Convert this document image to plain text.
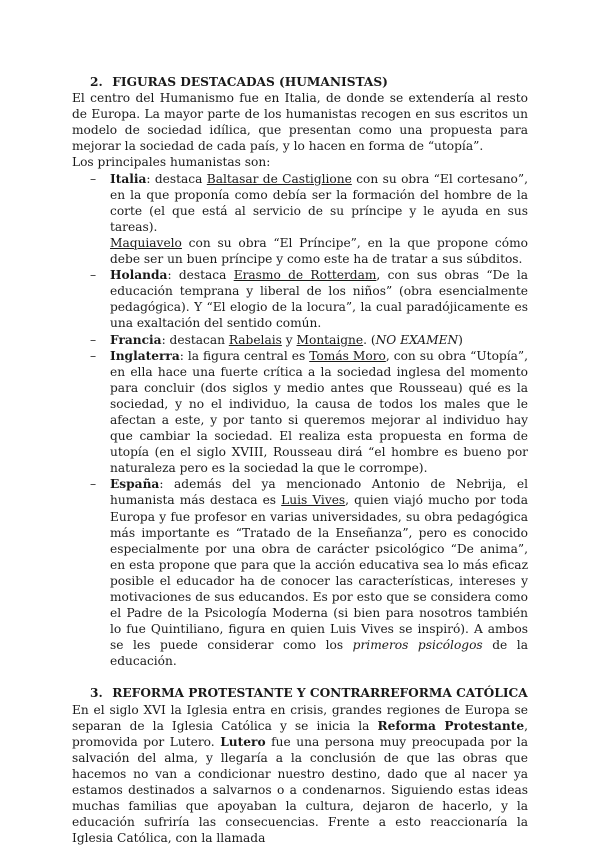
2. FIGURAS DESTACADAS (HUMANISTAS)

El centro del Humanismo fue en Italia, de donde se extendería al resto de Europa. La mayor parte de los humanistas recogen en sus escritos un modelo de sociedad idílica, que presentan como una propuesta para mejorar la sociedad de cada país, y lo hacen en forma de “utopía”.

Los principales humanistas son:

– Italia: destaca Baltasar de Castiglione con su obra “El cortesano”, en la que proponía como debía ser la formación del hombre de la corte (el que está al servicio de su príncipe y le ayuda en sus tareas).

Maquiavelo con su obra “El Príncipe”, en la que propone cómo debe ser un buen príncipe y como este ha de tratar a sus súbditos.

– Holanda: destaca Erasmo de Rotterdam, con sus obras “De la educación temprana y liberal de los niños” (obra esencialmente pedagógica). Y “El elogio de la locura”, la cual paradójicamente es una exaltación del sentido común.
– Francia: destacan Rabelais y Montaigne. (NO EXAMEN)
– Inglaterra: la figura central es Tomás Moro, con su obra “Utopía”, en ella hace una fuerte crítica a la sociedad inglesa del momento para concluir (dos siglos y medio antes que Rousseau) qué es la sociedad, y no el individuo, la causa de todos los males que le afectan a este, y por tanto si queremos mejorar al individuo hay que cambiar la sociedad. El realiza esta propuesta en forma de utopía (en el siglo XVIII, Rousseau dirá “el hombre es bueno por naturaleza pero es la sociedad la que le corrompe).
– España: además del ya mencionado Antonio de Nebrija, el humanista más destaca es Luis Vives, quien viajó mucho por toda Europa y fue profesor en varias universidades, su obra pedagógica más importante es “Tratado de la Enseñanza”, pero es conocido especialmente por una obra de carácter psicológico “De anima”, en esta propone que para que la acción educativa sea lo más eficaz posible el educador ha de conocer las características, intereses y motivaciones de sus educandos. Es por esto que se considera como el Padre de la Psicología Moderna (si bien para nosotros también lo fue Quintiliano, figura en quien Luis Vives se inspiró). A ambos se les puede considerar como los primeros psicólogos de la educación.

3. REFORMA PROTESTANTE Y CONTRARREFORMA CATÓLICA

En el siglo XVI la Iglesia entra en crisis, grandes regiones de Europa se separan de la Iglesia Católica y se inicia la Reforma Protestante, promovida por Lutero. Lutero fue una persona muy preocupada por la salvación del alma, y llegaría a la conclusión de que las obras que hacemos no van a condicionar nuestro destino, dado que al nacer ya estamos destinados a salvarnos o a condenarnos. Siguiendo estas ideas muchas familias que apoyaban la cultura, dejaron de hacerlo, y la educación sufriría las consecuencias. Frente a esto reaccionaría la Iglesia Católica, con la llamada
